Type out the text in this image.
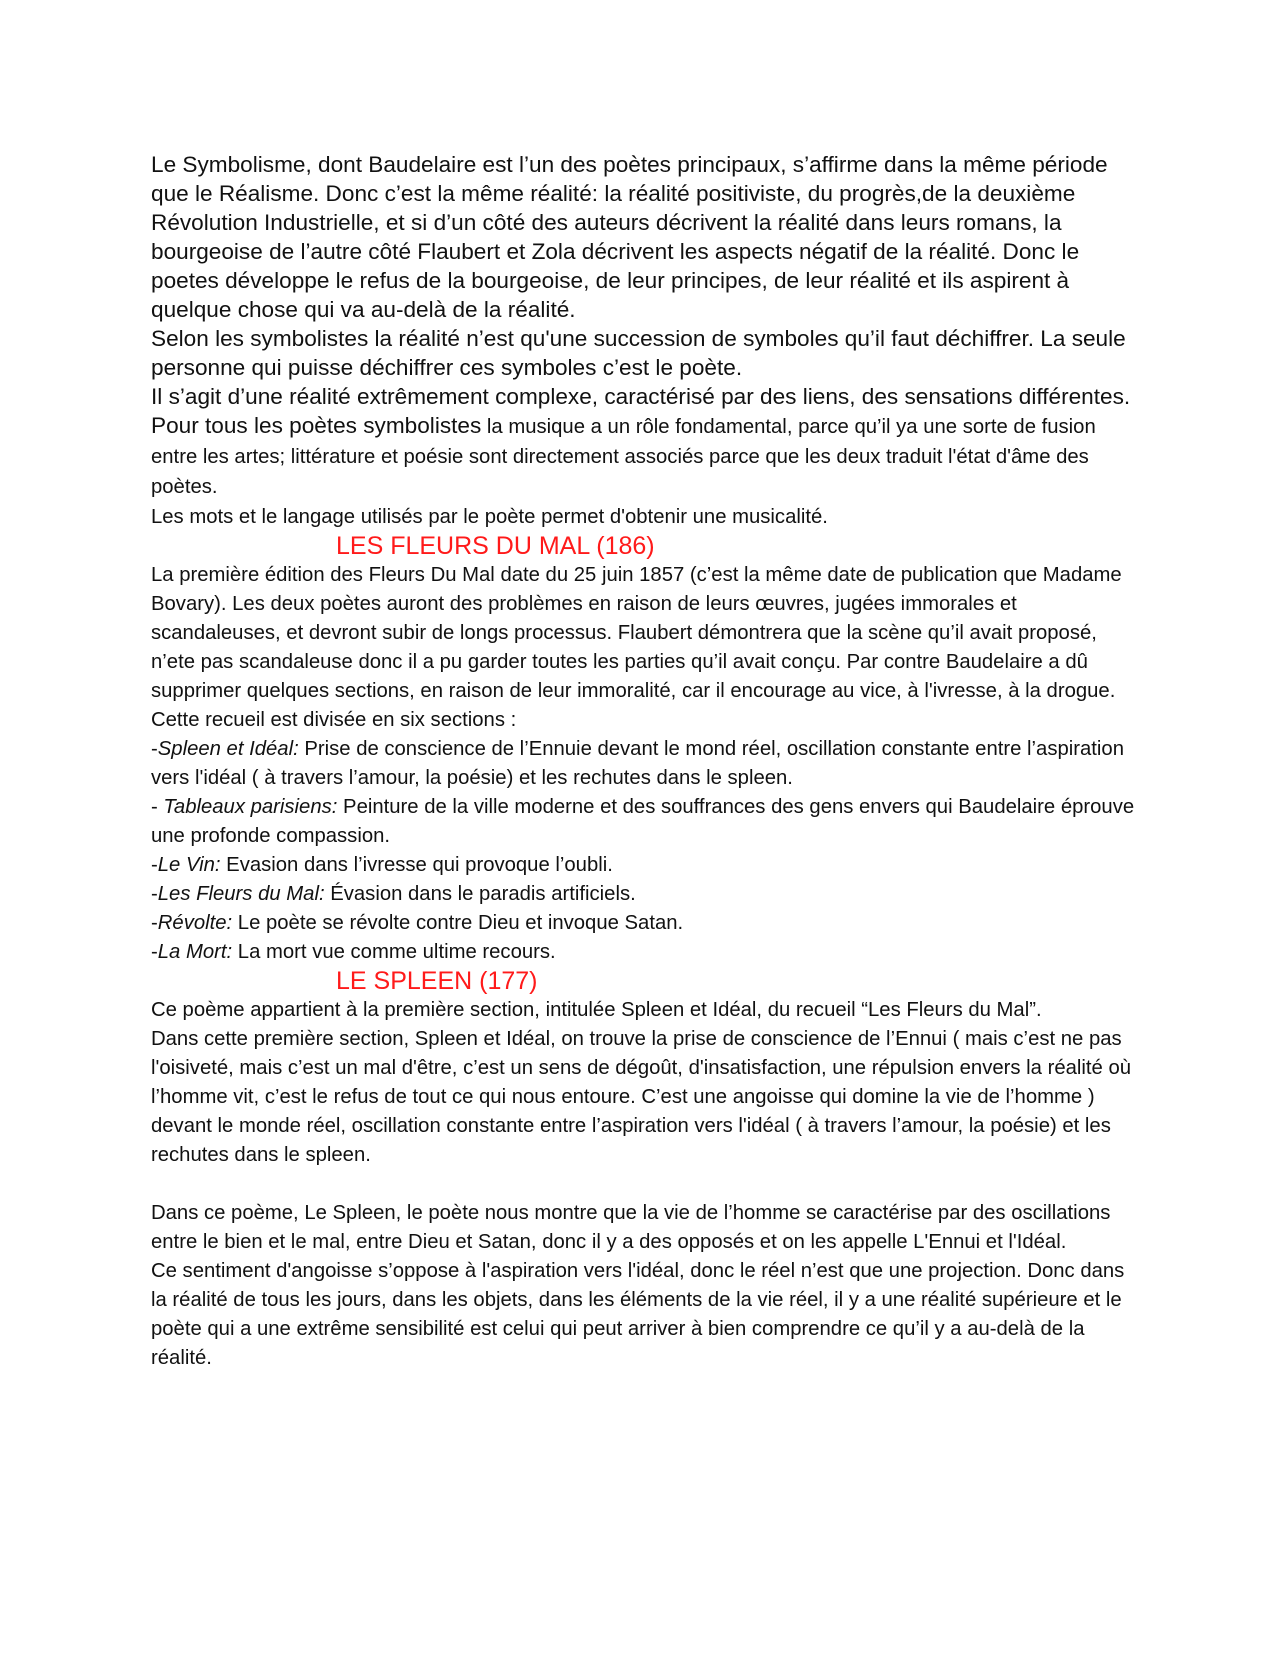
Le Symbolisme, dont Baudelaire est l’un des poètes principaux, s’affirme dans la même période que le Réalisme. Donc c’est la même réalité: la réalité positiviste, du progrès,de la deuxième Révolution Industrielle, et si d’un côté des auteurs décrivent la réalité dans leurs romans, la bourgeoise de l’autre côté Flaubert et Zola décrivent les aspects négatif de la réalité. Donc le poetes développe le refus de la bourgeoise, de leur principes, de leur réalité et ils aspirent à quelque chose qui va au-delà de la réalité.

Selon les symbolistes la réalité n’est qu'une succession de symboles qu’il faut déchiffrer. La seule personne qui puisse déchiffrer ces symboles c’est le poète.

Il s’agit d’une réalité extrêmement complexe, caractérisé par des liens, des sensations différentes.

Pour tous les poètes symbolistes la musique a un rôle fondamental, parce qu’il ya une sorte de fusion entre les artes; littérature et poésie sont directement associés parce que les deux traduit l'état d'âme des poètes.

Les mots et le langage utilisés par le poète permet d'obtenir une musicalité.

LES FLEURS DU MAL (186)

La première édition des Fleurs Du Mal date du 25 juin 1857 (c’est la même date de publication que Madame Bovary). Les deux poètes auront des problèmes en raison de leurs œuvres, jugées immorales et scandaleuses, et devront subir de longs processus. Flaubert démontrera que la scène qu’il avait proposé, n’ete pas scandaleuse donc il a pu garder toutes les parties qu’il avait conçu. Par contre Baudelaire a dû supprimer quelques sections, en raison de leur immoralité, car il encourage au vice, à l'ivresse, à la drogue. Cette recueil est divisée en six sections :

-Spleen et Idéal: Prise de conscience de l’Ennuie devant le mond réel, oscillation constante entre l’aspiration vers l'idéal ( à travers l’amour, la poésie) et les rechutes dans le spleen.

- Tableaux parisiens: Peinture de la ville moderne et des souffrances des gens envers qui Baudelaire éprouve une profonde compassion.

-Le Vin: Evasion dans l’ivresse qui provoque l’oubli.

-Les Fleurs du Mal: Évasion dans le paradis artificiels.

-Révolte: Le poète se révolte contre Dieu et invoque Satan.

-La Mort: La mort vue comme ultime recours.

LE SPLEEN (177)

Ce poème appartient à la première section, intitulée Spleen et Idéal, du recueil “Les Fleurs du Mal”.

Dans cette première section, Spleen et Idéal, on trouve la prise de conscience de l’Ennui ( mais c’est ne pas l'oisiveté, mais c’est un mal d'être, c’est un sens de dégoût, d'insatisfaction, une répulsion envers la réalité où l’homme vit, c’est le refus de tout ce qui nous entoure. C’est une angoisse qui domine la vie de l’homme ) devant le monde réel, oscillation constante entre l’aspiration vers l'idéal ( à travers l’amour, la poésie) et les rechutes dans le spleen.

Dans ce poème, Le Spleen, le poète nous montre que la vie de l’homme se caractérise par des oscillations entre le bien et le mal, entre Dieu et Satan, donc il y a des opposés et on les appelle L'Ennui et l'Idéal.

Ce sentiment d'angoisse s’oppose à l'aspiration vers l'idéal, donc le réel n’est que une projection. Donc dans la réalité de tous les jours, dans les objets, dans les éléments de la vie réel, il y a une réalité supérieure et le poète qui a une extrême sensibilité est celui qui peut arriver à bien comprendre ce qu’il y a au-delà de la réalité.
